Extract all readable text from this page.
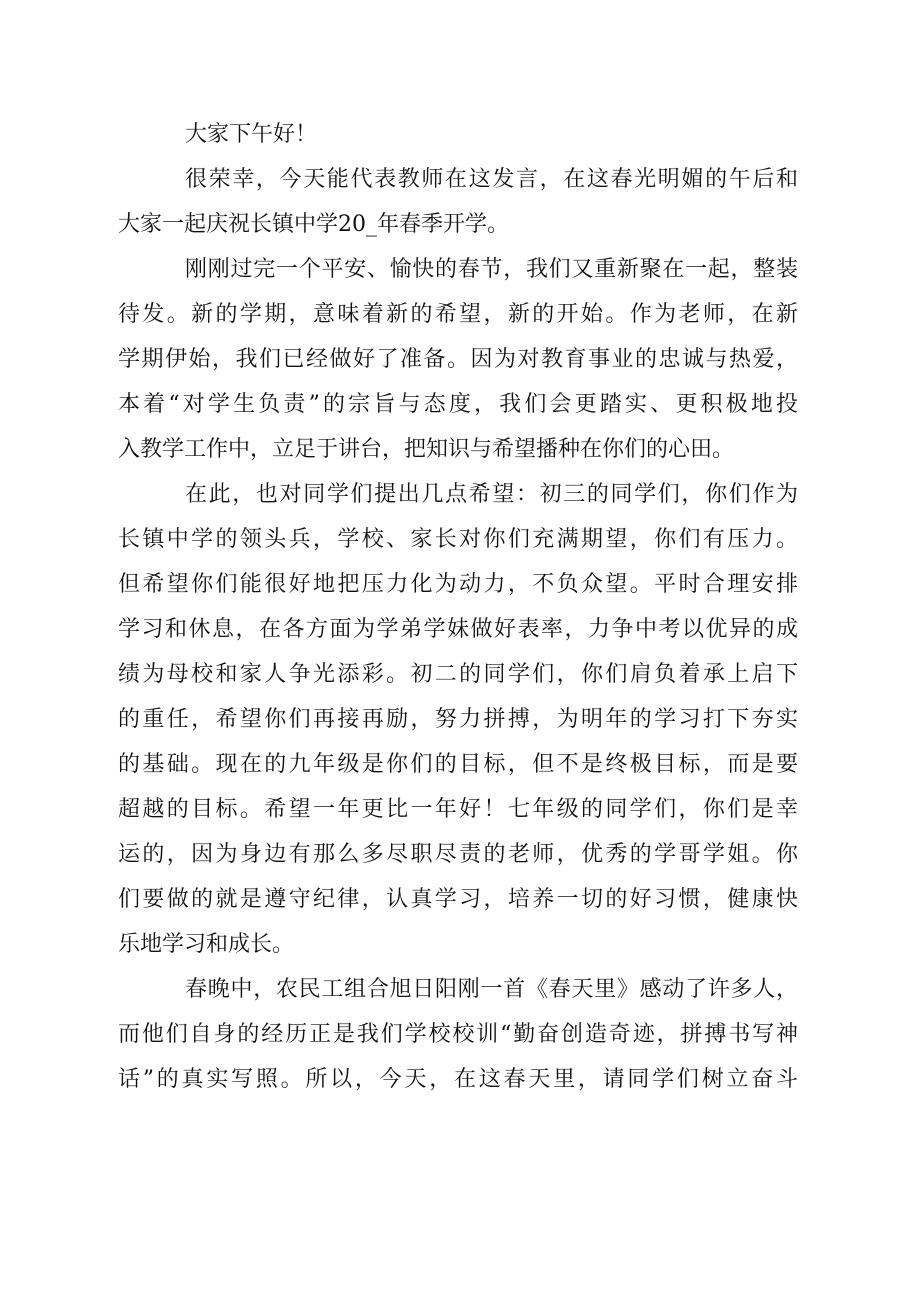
大家下午好！
很荣幸，今天能代表教师在这发言，在这春光明媚的午后和
大家一起庆祝长镇中学20_年春季开学。
刚刚过完一个平安、愉快的春节，我们又重新聚在一起，整装
待发。新的学期，意味着新的希望，新的开始。作为老师，在新
学期伊始，我们已经做好了准备。因为对教育事业的忠诚与热爱，
本着“对学生负责”的宗旨与态度，我们会更踏实、更积极地投
入教学工作中，立足于讲台，把知识与希望播种在你们的心田。
在此，也对同学们提出几点希望：初三的同学们，你们作为
长镇中学的领头兵，学校、家长对你们充满期望，你们有压力。
但希望你们能很好地把压力化为动力，不负众望。平时合理安排
学习和休息，在各方面为学弟学妹做好表率，力争中考以优异的成
绩为母校和家人争光添彩。初二的同学们，你们肩负着承上启下
的重任，希望你们再接再励，努力拼搏，为明年的学习打下夯实
的基础。现在的九年级是你们的目标，但不是终极目标，而是要
超越的目标。希望一年更比一年好！七年级的同学们，你们是幸
运的，因为身边有那么多尽职尽责的老师，优秀的学哥学姐。你
们要做的就是遵守纪律，认真学习，培养一切的好习惯，健康快
乐地学习和成长。
春晚中，农民工组合旭日阳刚一首《春天里》感动了许多人，
而他们自身的经历正是我们学校校训“勤奋创造奇迹，拼搏书写神
话”的真实写照。所以，今天，在这春天里，请同学们树立奋斗
